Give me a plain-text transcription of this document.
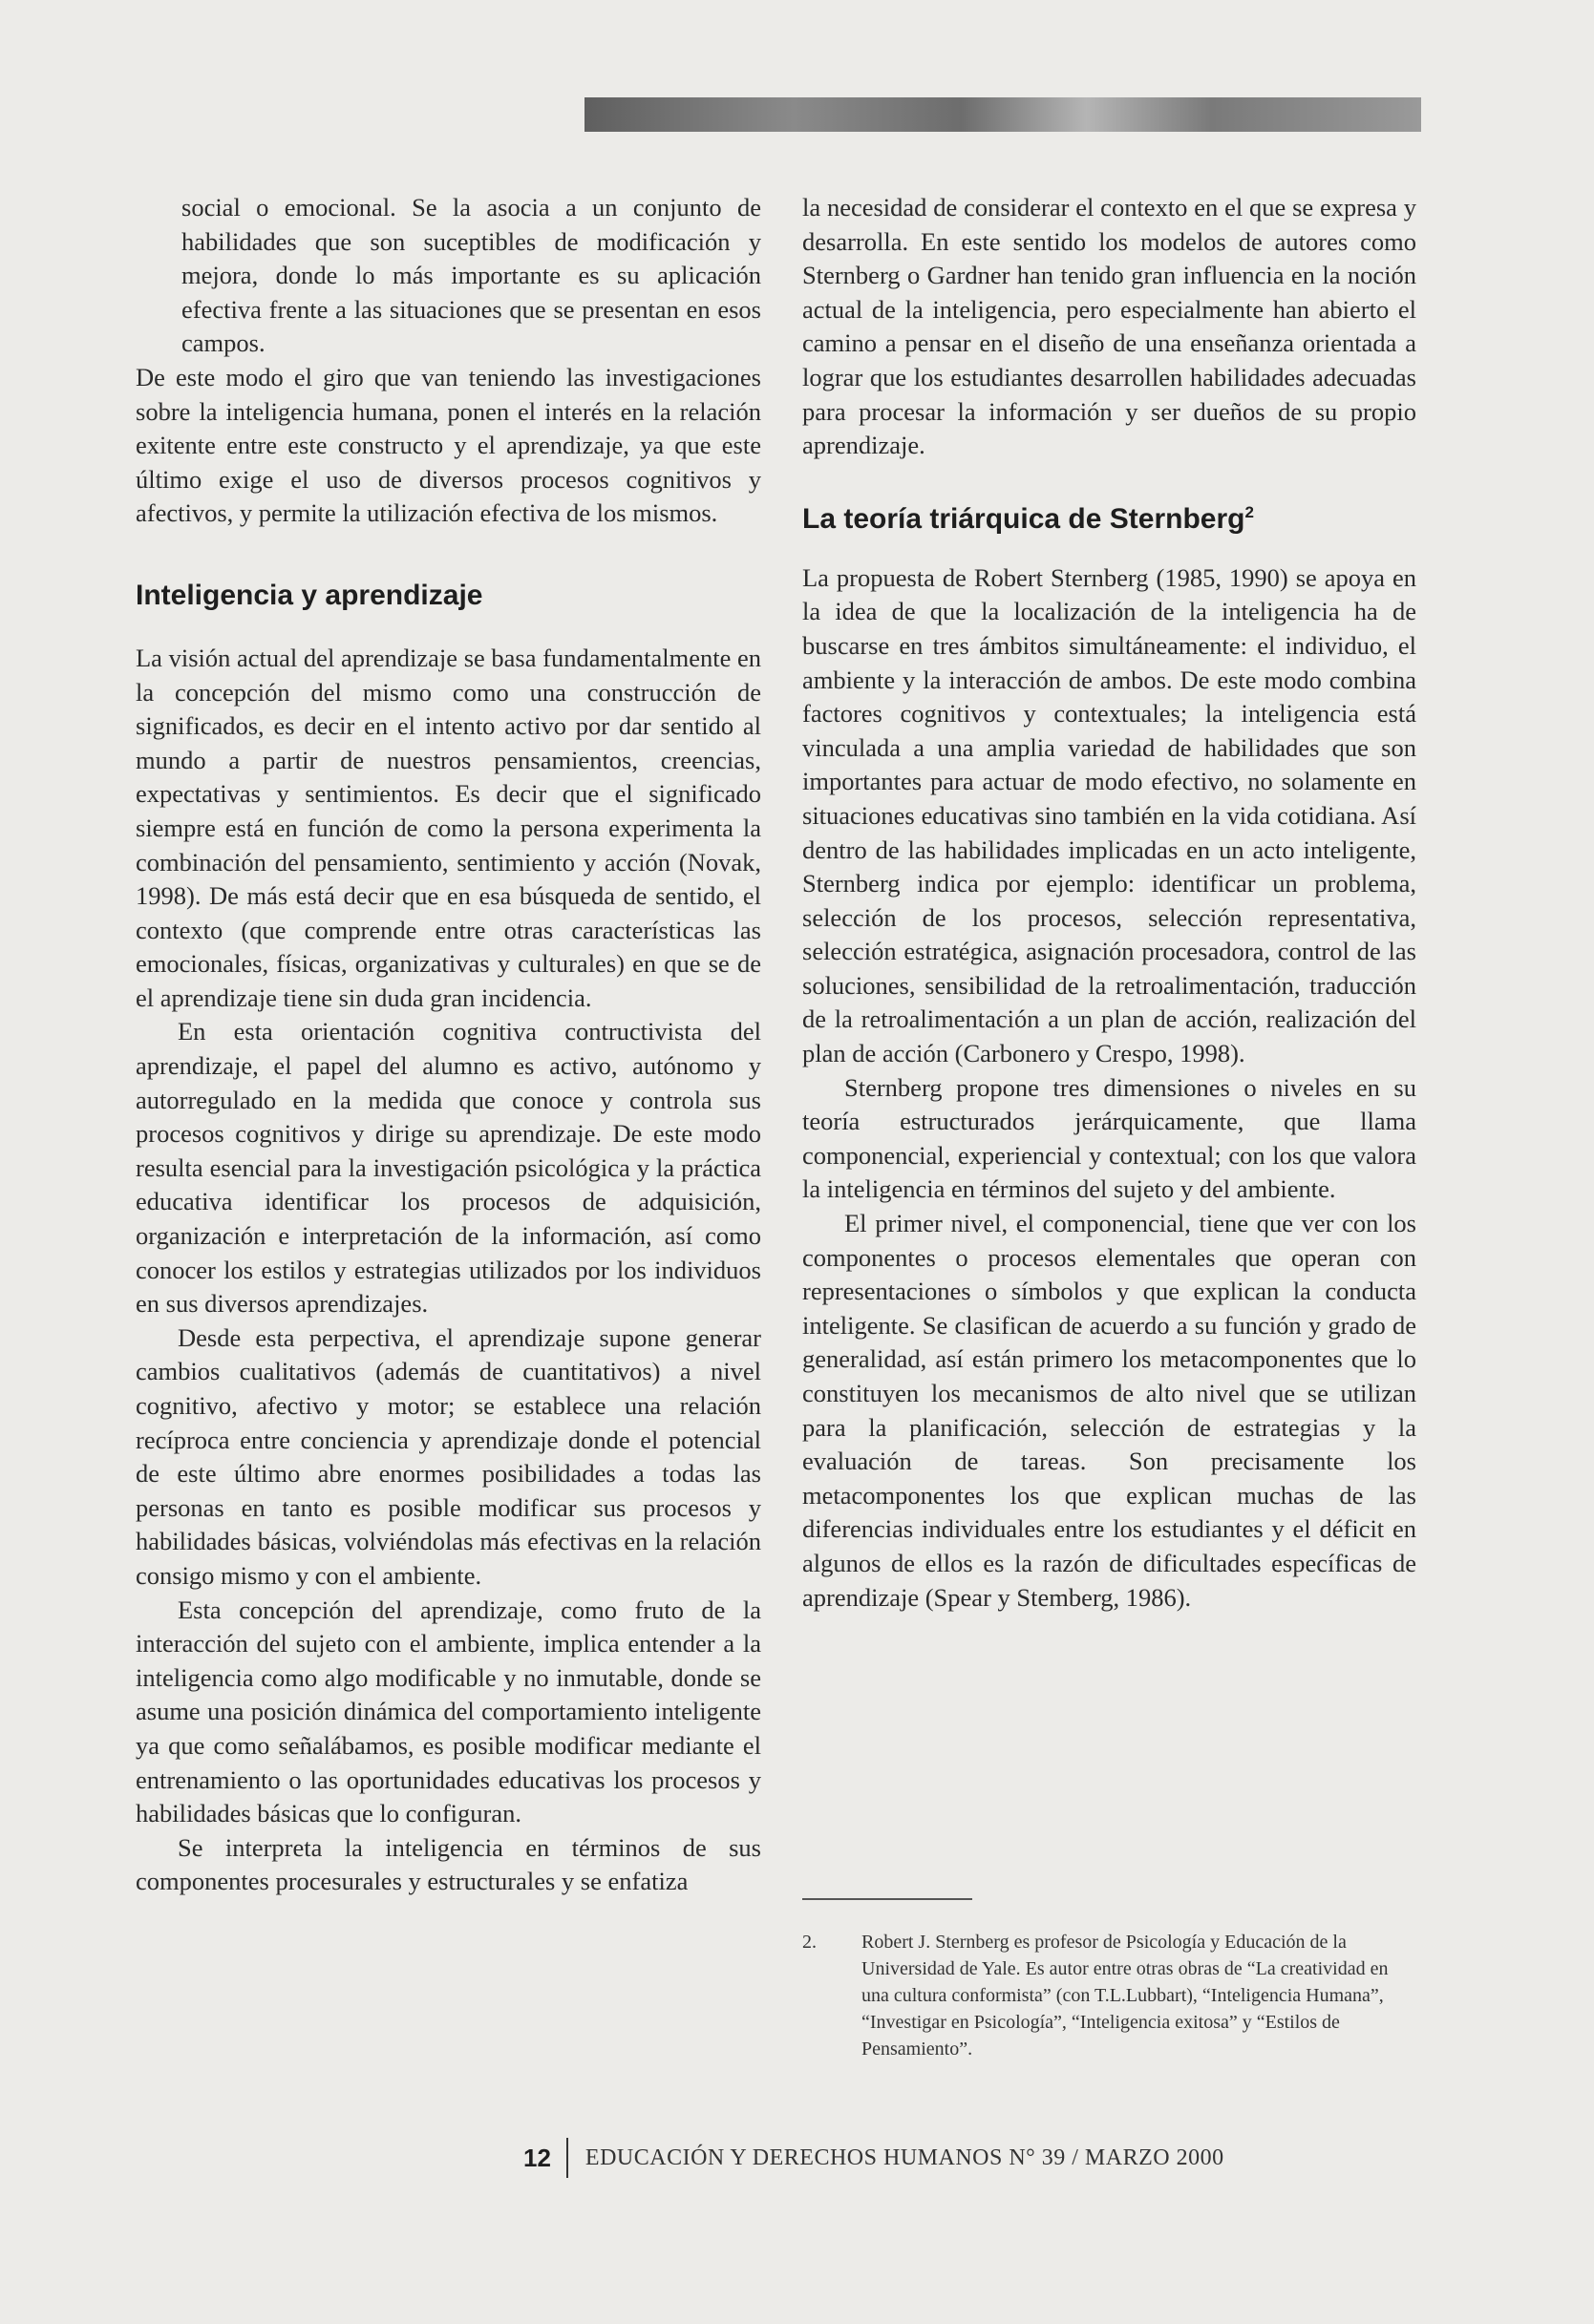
social o emocional. Se la asocia a un conjunto de habilidades que son suceptibles de modificación y mejora, donde lo más importante es su aplicación efectiva frente a las situaciones que se presentan en esos campos.

De este modo el giro que van teniendo las investigaciones sobre la inteligencia humana, ponen el interés en la relación exitente entre este constructo y el aprendizaje, ya que este último exige el uso de diversos procesos cognitivos y afectivos, y permite la utilización efectiva de los mismos.

Inteligencia y aprendizaje

La visión actual del aprendizaje se basa fundamentalmente en la concepción del mismo como una construcción de significados, es decir en el intento activo por dar sentido al mundo a partir de nuestros pensamientos, creencias, expectativas y sentimientos. Es decir que el significado siempre está en función de como la persona experimenta la combinación del pensamiento, sentimiento y acción (Novak, 1998). De más está decir que en esa búsqueda de sentido, el contexto (que comprende entre otras características las emocionales, físicas, organizativas y culturales) en que se de el aprendizaje tiene sin duda gran incidencia.

En esta orientación cognitiva contructivista del aprendizaje, el papel del alumno es activo, autónomo y autorregulado en la medida que conoce y controla sus procesos cognitivos y dirige su aprendizaje. De este modo resulta esencial para la investigación psicológica y la práctica educativa identificar los procesos de adquisición, organización e interpretación de la información, así como conocer los estilos y estrategias utilizados por los individuos en sus diversos aprendizajes.

Desde esta perpectiva, el aprendizaje supone generar cambios cualitativos (además de cuantitativos) a nivel cognitivo, afectivo y motor; se establece una relación recíproca entre conciencia y aprendizaje donde el potencial de este último abre enormes posibilidades a todas las personas en tanto es posible modificar sus procesos y habilidades básicas, volviéndolas más efectivas en la relación consigo mismo y con el ambiente.

Esta concepción del aprendizaje, como fruto de la interacción del sujeto con el ambiente, implica entender a la inteligencia como algo modificable y no inmutable, donde se asume una posición dinámica del comportamiento inteligente ya que como señalábamos, es posible modificar mediante el entrenamiento o las oportunidades educativas los procesos y habilidades básicas que lo configuran.

Se interpreta la inteligencia en términos de sus componentes procesurales y estructurales y se enfatiza

la necesidad de considerar el contexto en el que se expresa y desarrolla. En este sentido los modelos de autores como Sternberg o Gardner han tenido gran influencia en la noción actual de la inteligencia, pero especialmente han abierto el camino a pensar en el diseño de una enseñanza orientada a lograr que los estudiantes desarrollen habilidades adecuadas para procesar la información y ser dueños de su propio aprendizaje.

La teoría triárquica de Sternberg$^2$

La propuesta de Robert Sternberg (1985, 1990) se apoya en la idea de que la localización de la inteligencia ha de buscarse en tres ámbitos simultáneamente: el individuo, el ambiente y la interacción de ambos. De este modo combina factores cognitivos y contextuales; la inteligencia está vinculada a una amplia variedad de habilidades que son importantes para actuar de modo efectivo, no solamente en situaciones educativas sino también en la vida cotidiana. Así dentro de las habilidades implicadas en un acto inteligente, Sternberg indica por ejemplo: identificar un problema, selección de los procesos, selección representativa, selección estratégica, asignación procesadora, control de las soluciones, sensibilidad de la retroalimentación, traducción de la retroalimentación a un plan de acción, realización del plan de acción (Carbonero y Crespo, 1998).

Sternberg propone tres dimensiones o niveles en su teoría estructurados jerárquicamente, que llama componencial, experiencial y contextual; con los que valora la inteligencia en términos del sujeto y del ambiente.

El primer nivel, el componencial, tiene que ver con los componentes o procesos elementales que operan con representaciones o símbolos y que explican la conducta inteligente. Se clasifican de acuerdo a su función y grado de generalidad, así están primero los metacomponentes que lo constituyen los mecanismos de alto nivel que se utilizan para la planificación, selección de estrategias y la evaluación de tareas. Son precisamente los metacomponentes los que explican muchas de las diferencias individuales entre los estudiantes y el déficit en algunos de ellos es la razón de dificultades específicas de aprendizaje (Spear y Stemberg, 1986).

2. Robert J. Sternberg es profesor de Psicología y Educación de la Universidad de Yale. Es autor entre otras obras de “La creatividad en una cultura conformista” (con T.L.Lubbart), “Inteligencia Humana”, “Investigar en Psicología”, “Inteligencia exitosa” y “Estilos de Pensamiento”.
12 EDUCACIÓN Y DERECHOS HUMANOS N° 39 / MARZO 2000
